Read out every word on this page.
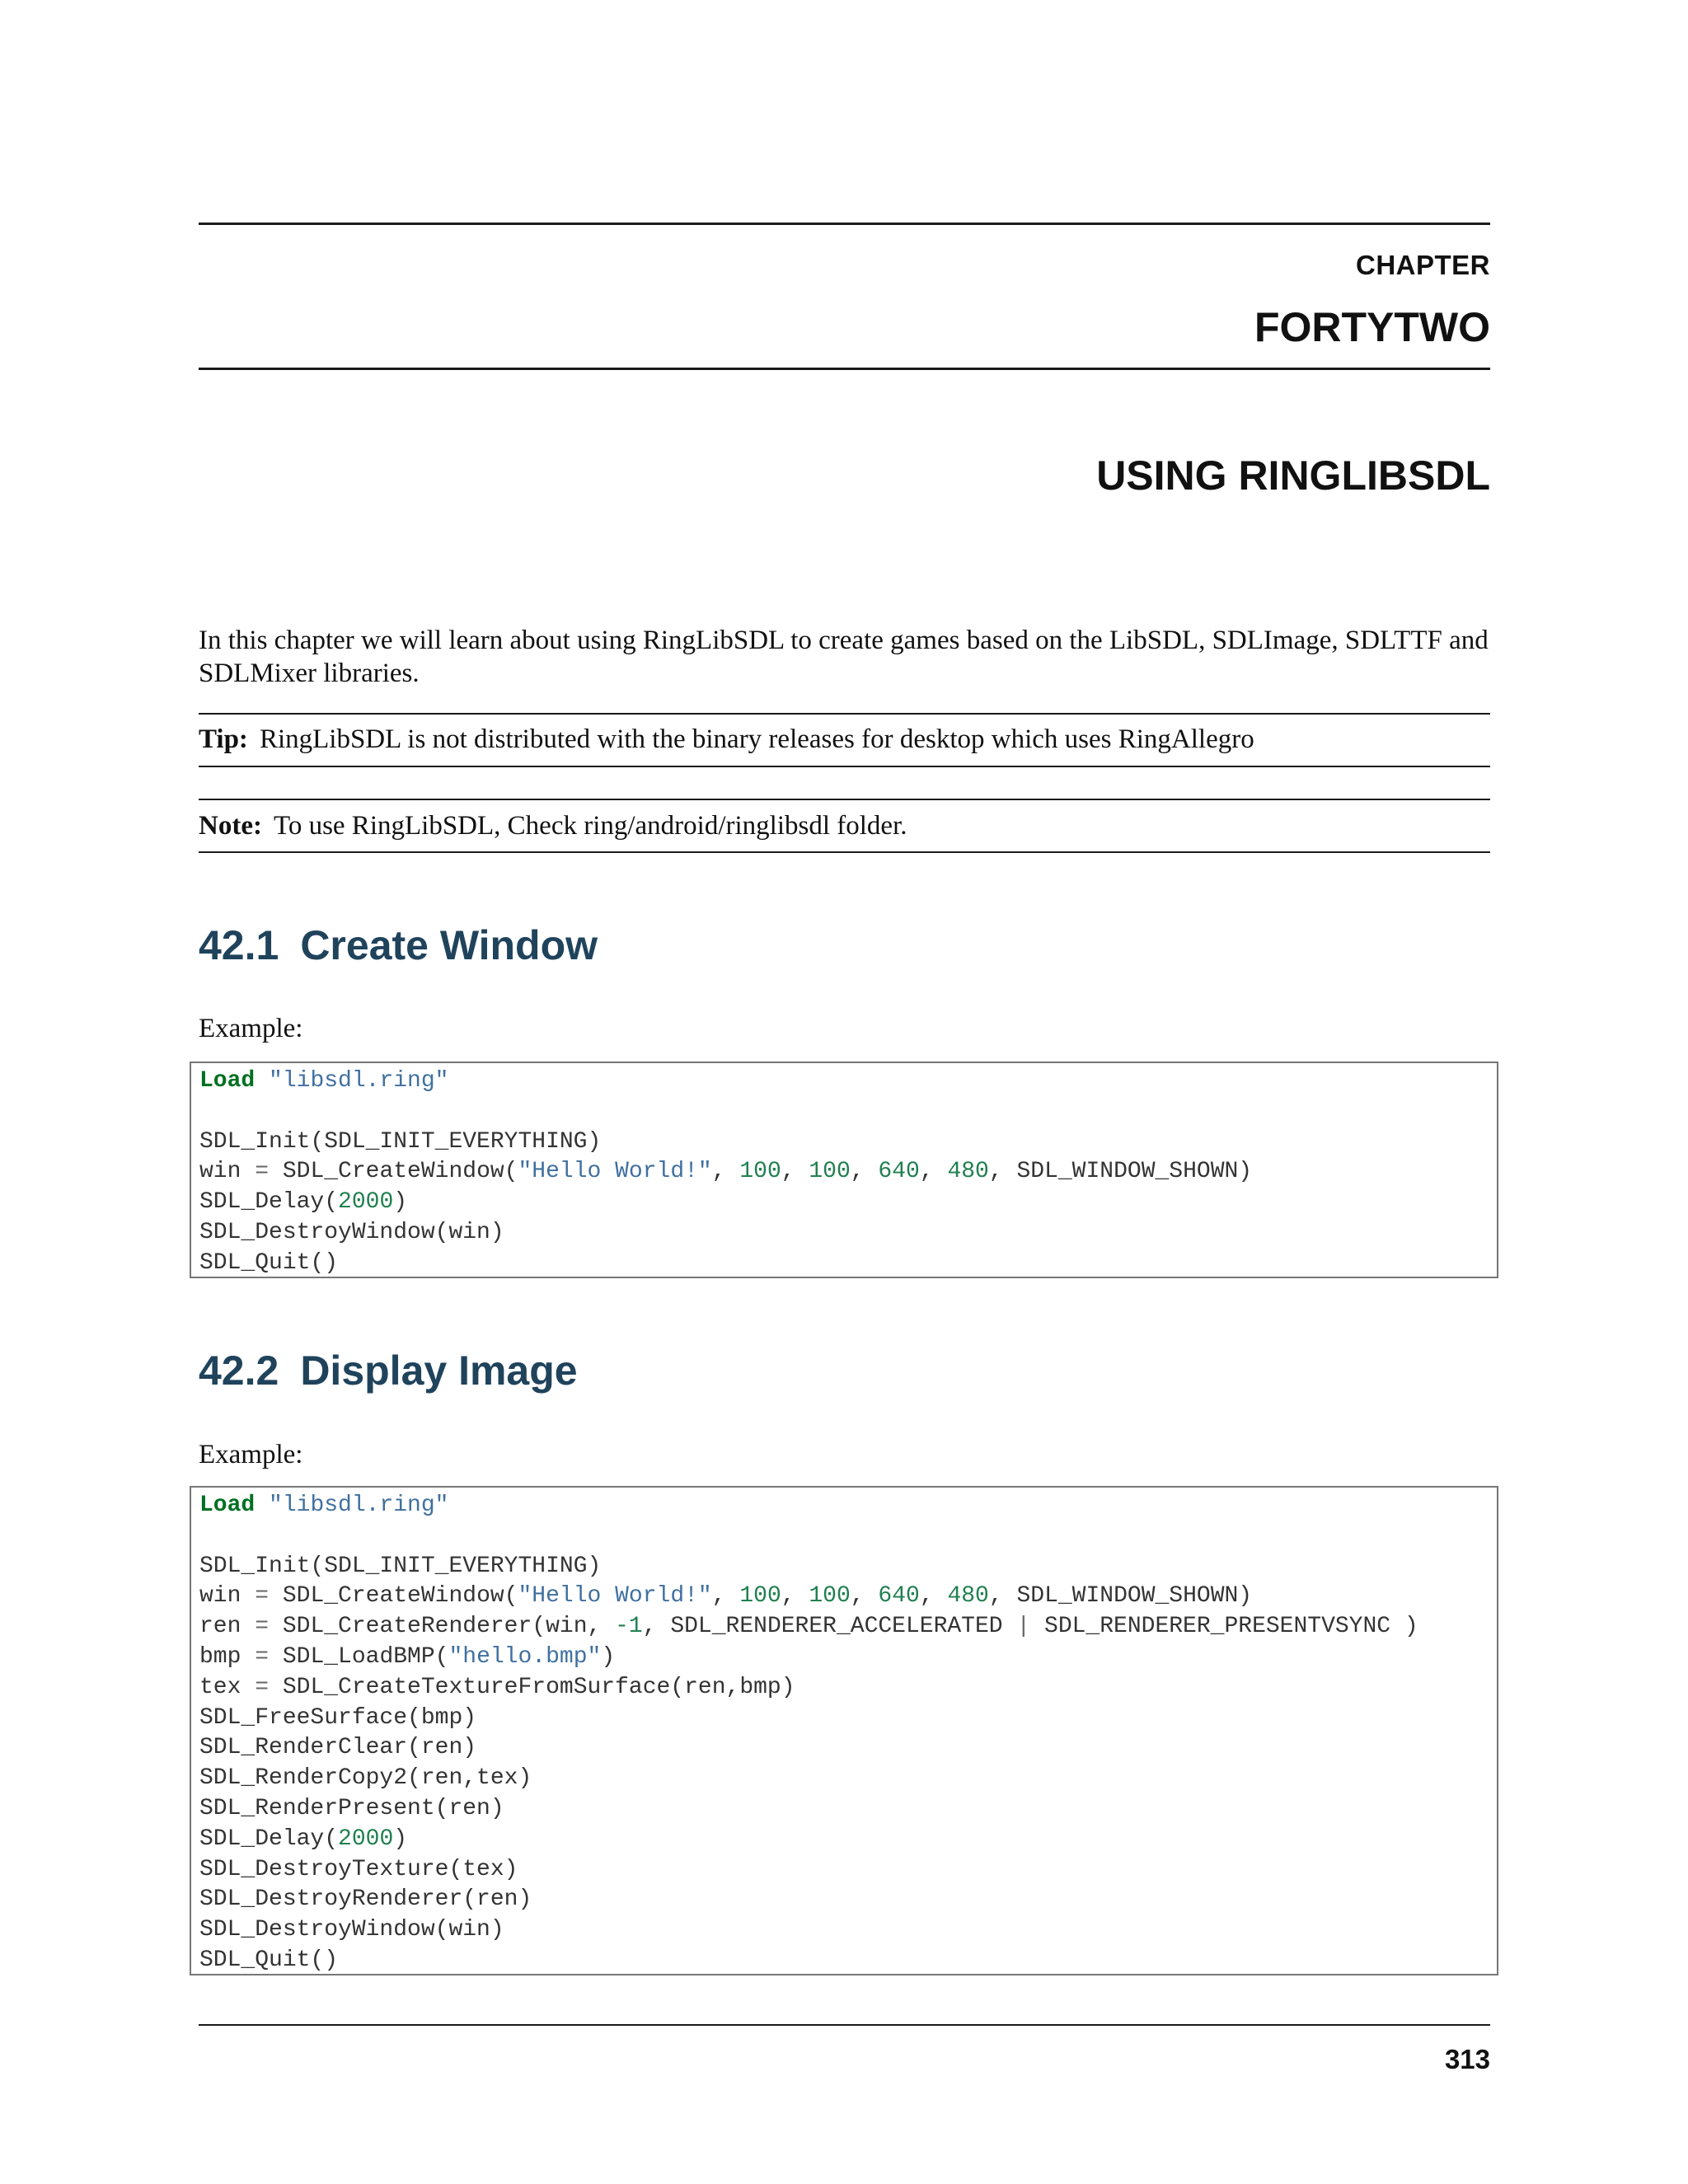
CHAPTER
FORTYTWO
USING RINGLIBSDL

In this chapter we will learn about using RingLibSDL to create games based on the LibSDL, SDLImage, SDLTTF and SDLMixer libraries.

Tip: RingLibSDL is not distributed with the binary releases for desktop which uses RingAllegro
Note: To use RingLibSDL, Check ring/android/ringlibsdl folder.
42.1 Create Window
Example:
Load "libsdl.ring"
SDL_Init(SDL_INIT_EVERYTHING)
win = SDL_CreateWindow("Hello World!", 100, 100, 640, 480, SDL_WINDOW_SHOWN)
SDL_Delay(2000)
SDL_DestroyWindow(win)
SDL_Quit()
42.2 Display Image
Example:
Load "libsdl.ring"
SDL_Init(SDL_INIT_EVERYTHING)
win = SDL_CreateWindow("Hello World!", 100, 100, 640, 480, SDL_WINDOW_SHOWN)
ren = SDL_CreateRenderer(win, -1, SDL_RENDERER_ACCELERATED | SDL_RENDERER_PRESENTVSYNC )
bmp = SDL_LoadBMP("hello.bmp")
tex = SDL_CreateTextureFromSurface(ren,bmp)
SDL_FreeSurface(bmp)
SDL_RenderClear(ren)
SDL_RenderCopy2(ren,tex)
SDL_RenderPresent(ren)
SDL_Delay(2000)
SDL_DestroyTexture(tex)
SDL_DestroyRenderer(ren)
SDL_DestroyWindow(win)
SDL_Quit()
313
